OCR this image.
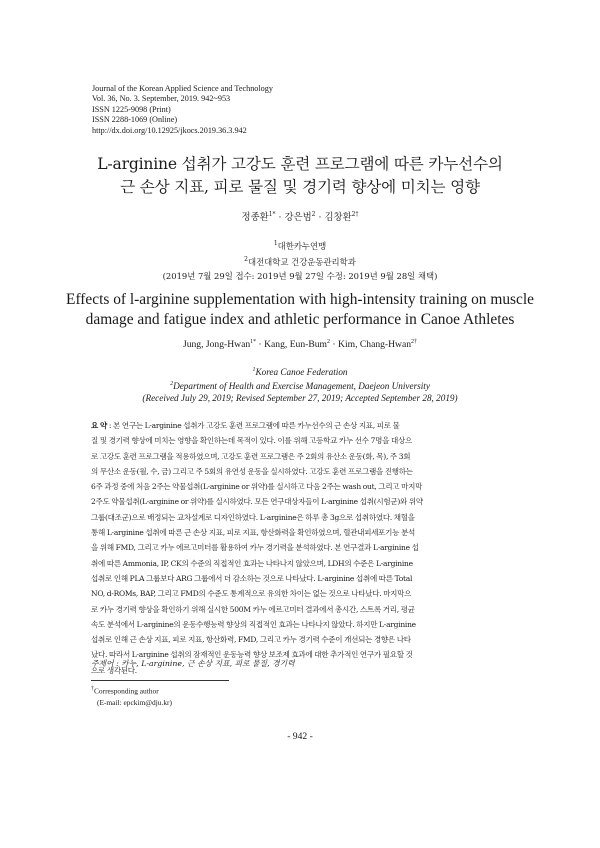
Journal of the Korean Applied Science and Technology
Vol. 36, No. 3. September, 2019. 942~953
ISSN 1225-9098 (Print)
ISSN 2288-1069 (Online)
http://dx.doi.org/10.12925/jkocs.2019.36.3.942
L-arginine 섭취가 고강도 훈련 프로그램에 따른 카누선수의
근 손상 지표, 피로 물질 및 경기력 향상에 미치는 영향
정종환$^{1*}$ · 강은범$^2$ · 김창환$^{2\dagger}$
$^1$대한카누연맹
$^2$대전대학교 건강운동관리학과
(2019년 7월 29일 접수: 2019년 9월 27일 수정: 2019년 9월 28일 채택)
Effects of l-arginine supplementation with high-intensity training on muscle
damage and fatigue index and athletic performance in Canoe Athletes
Jung, Jong-Hwan$^{1*}$ · Kang, Eun-Bum$^2$ · Kim, Chang-Hwan$^{2\dagger}$
$^1$Korea Canoe Federation
$^2$Department of Health and Exercise Management, Daejeon University
(Received July 29, 2019; Revised September 27, 2019; Accepted September 28, 2019)
요 약 : 본 연구는 L-arginine 섭취가 고강도 훈련 프로그램에 따른 카누선수의 근 손상 지표, 피로 물
질 및 경기력 향상에 미치는 영향을 확인하는데 목적이 있다. 이를 위해 고등학교 카누 선수 7명을 대상으
로 고강도 훈련 프로그램을 적용하였으며, 고강도 훈련 프로그램은 주 2회의 유산소 운동(화, 목), 주 3회
의 무산소 운동(월, 수, 금) 그리고 주 5회의 유연성 운동을 실시하였다. 고강도 훈련 프로그램을 진행하는
6주 과정 중에 처음 2주는 약물섭취(L-arginine or 위약)를 실시하고 다음 2주는 wash out, 그리고 마지막
2주도 약물섭취(L-arginine or 위약)를 실시하였다. 모든 연구대상자들이 L-arginine 섭취(시험군)와 위약
그룹(대조군)으로 배정되는 교차설계로 디자인하였다. L-arginine은 하루 총 3g으로 섭취하였다. 채혈을
통해 L-arginine 섭취에 따른 근 손상 지표, 피로 지표, 항산화력을 확인하였으며, 혈관내피세포기능 분석
을 위해 FMD, 그리고 카누 에르고미터를 활용하여 카누 경기력을 분석하였다. 본 연구결과 L-arginine 섭
취에 따른 Ammonia, IP, CK의 수준의 직접적인 효과는 나타나지 않았으며, LDH의 수준은 L-arginine
섭취로 인해 PLA 그룹보다 ARG 그룹에서 더 감소하는 것으로 나타났다. L-arginine 섭취에 따른 Total
NO, d-ROMs, BAP, 그리고 FMD의 수준도 통계적으로 유의한 차이는 없는 것으로 나타났다. 마지막으
로 카누 경기력 향상을 확인하기 위해 실시한 500M 카누 에르고미터 결과에서 총시간, 스트록 거리, 평균
속도 분석에서 L-arginine의 운동수행능력 향상의 직접적인 효과는 나타나지 않았다. 하지만 L-arginine
섭취로 인해 근 손상 지표, 피로 지표, 항산화력, FMD, 그리고 카누 경기력 수준이 개선되는 경향은 나타
났다. 따라서 L-arginine 섭취의 잠재적인 운동능력 향상 보조제 효과에 대한 추가적인 연구가 필요할 것
으로 생각된다.
주제어 : 카누, L-arginine, 근 손상 지표, 피로 물질, 경기력
†Corresponding author
(E-mail: epckim@dju.kr)
- 942 -
